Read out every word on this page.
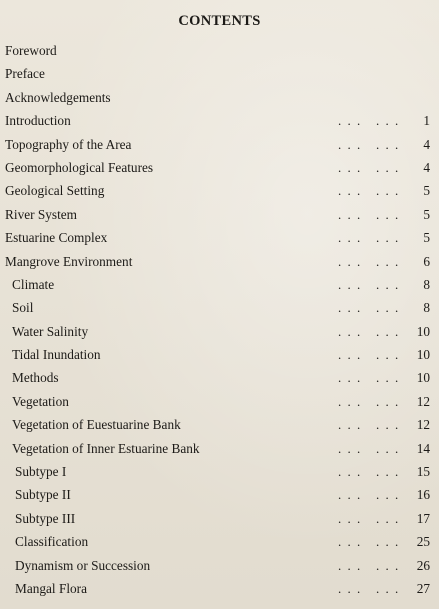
CONTENTS
Foreword
Preface
Acknowledgements
Introduction	. . . . . .	1
Topography of the Area	. . . . . .	4
Geomorphological Features	. . . . . .	4
Geological Setting	. . . . . .	5
River System	. . . . . .	5
Estuarine Complex	. . . . . .	5
Mangrove Environment	. . . . . .	6
Climate	. . . . . .	8
Soil	. . . . . .	8
Water Salinity	. . . . . .	10
Tidal Inundation	. . . . . .	10
Methods	. . . . . .	10
Vegetation	. . . . . .	12
Vegetation of Euestuarine Bank	. . . . . .	12
Vegetation of Inner Estuarine Bank	. . . . . .	14
Subtype I	. . . . . .	15
Subtype II	. . . . . .	16
Subtype III	. . . . . .	17
Classification	. . . . . .	25
Dynamism or Succession	. . . . . .	26
Mangal Flora	. . . . . .	27
